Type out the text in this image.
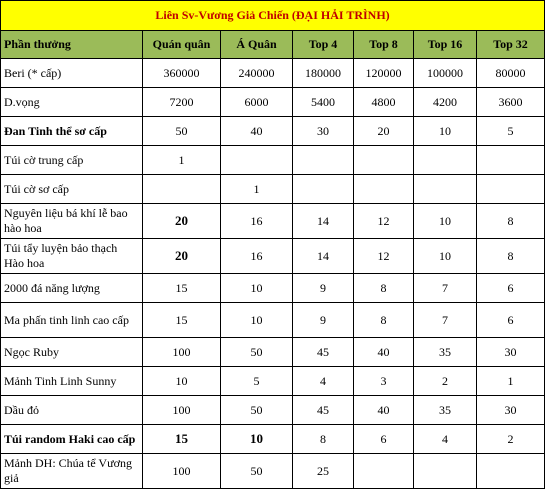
Liên Sv-Vương Giả Chiến (ĐẠI HẢI TRÌNH)						
Phần thưởng	Quán quân	Á Quân	Top 4	Top 8	Top 16	Top 32
Beri (* cấp)	360000	240000	180000	120000	100000	80000
D.vọng	7200	6000	5400	4800	4200	3600
Đan Tinh thể sơ cấp	50	40	30	20	10	5
Túi cờ trung cấp	1					
Túi cờ sơ cấp		1				
Nguyên liệu bá khí lễ bao hào hoa	20	16	14	12	10	8
Túi tẩy luyện bảo thạch Hào hoa	20	16	14	12	10	8
2000 đá năng lượng	15	10	9	8	7	6
Ma phấn tinh linh cao cấp	15	10	9	8	7	6
Ngọc Ruby	100	50	45	40	35	30
Mảnh Tinh Linh Sunny	10	5	4	3	2	1
Dầu đỏ	100	50	45	40	35	30
Túi random Haki cao cấp	15	10	8	6	4	2
Mảnh DH: Chúa tể Vương giả	100	50	25			
